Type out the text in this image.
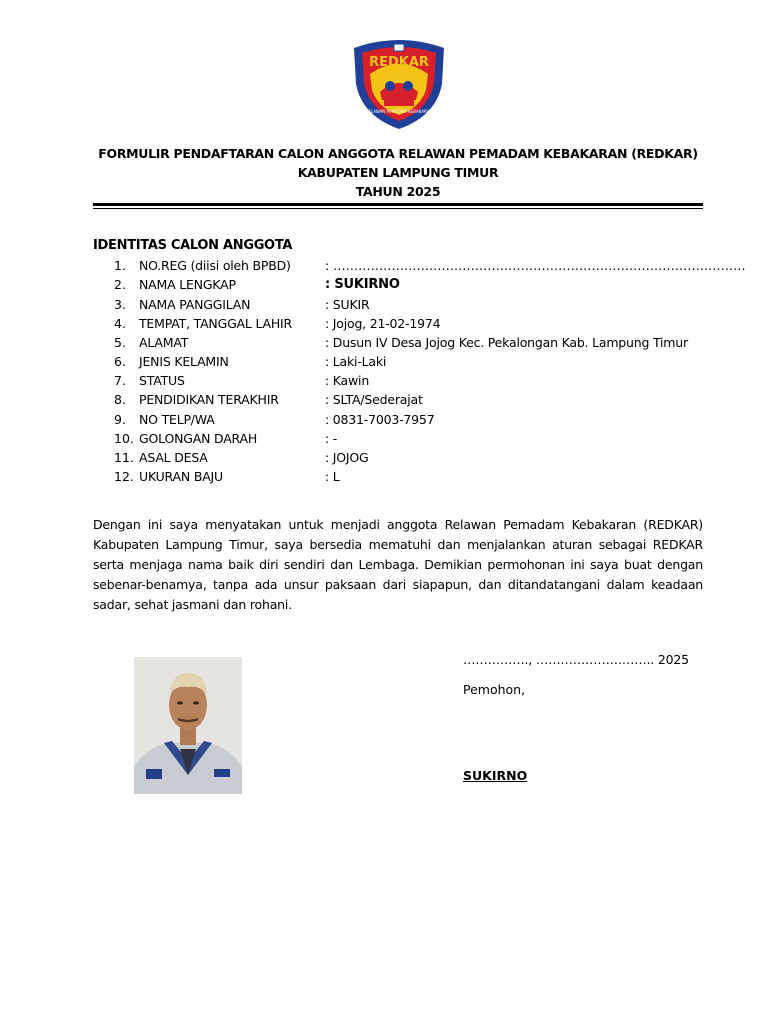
REDKAR
RELAWAN PEMADAM KEBAKARAN
FORMULIR PENDAFTARAN CALON ANGGOTA RELAWAN PEMADAM KEBAKARAN (REDKAR)
KABUPATEN LAMPUNG TIMUR
TAHUN 2025
IDENTITAS CALON ANGGOTA
1.	NO.REG (diisi oleh BPBD)	: ………………………………………………………………………………………
2.	NAMA LENGKAP	: SUKIRNO
3.	NAMA PANGGILAN	: SUKIR
4.	TEMPAT, TANGGAL LAHIR	: Jojog, 21-02-1974
5.	ALAMAT	: Dusun IV Desa Jojog Kec. Pekalongan Kab. Lampung Timur
6.	JENIS KELAMIN	: Laki-Laki
7.	STATUS	: Kawin
8.	PENDIDIKAN TERAKHIR	: SLTA/Sederajat
9.	NO TELP/WA	: 0831-7003-7957
10. GOLONGAN DARAH	: -
11. ASAL DESA	: JOJOG
12. UKURAN BAJU	: L
Dengan ini saya menyatakan untuk menjadi anggota Relawan Pemadam Kebakaran (REDKAR) Kabupaten Lampung Timur, saya bersedia mematuhi dan menjalankan aturan sebagai REDKAR serta menjaga nama baik diri sendiri dan Lembaga. Demikian permohonan ini saya buat dengan sebenar-benamya, tanpa ada unsur paksaan dari siapapun, dan ditandatangani dalam keadaan sadar, sehat jasmani dan rohani.
……………., ……………………….. 2025
Pemohon,
SUKIRNO
